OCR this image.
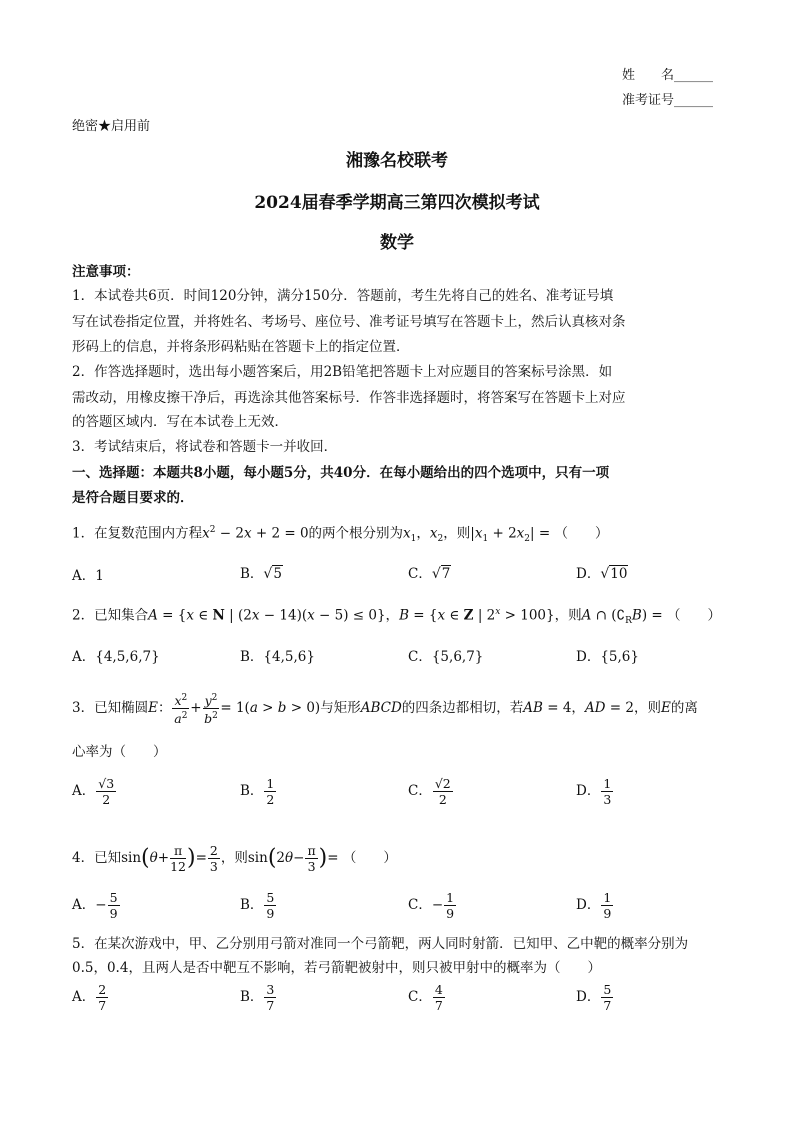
姓　　名______
准考证号______
绝密★启用前
湘豫名校联考
2024届春季学期高三第四次模拟考试
数学
注意事项：
1．本试卷共6页．时间120分钟，满分150分．答题前，考生先将自己的姓名、准考证号填
写在试卷指定位置，并将姓名、考场号、座位号、准考证号填写在答题卡上，然后认真核对条
形码上的信息，并将条形码粘贴在答题卡上的指定位置．
2．作答选择题时，选出每小题答案后，用2B铅笔把答题卡上对应题目的答案标号涂黑．如
需改动，用橡皮擦干净后，再选涂其他答案标号．作答非选择题时，将答案写在答题卡上对应
的答题区域内．写在本试卷上无效．
3．考试结束后，将试卷和答题卡一并收回．
一、选择题：本题共8小题，每小题5分，共40分．在每小题给出的四个选项中，只有一项
是符合题目要求的．
1．在复数范围内方程$x^2 - 2x + 2 = 0$的两个根分别为$x_1$，$x_2$，则$|x_1 + 2x_2|$ = （　　）
A．1	B．√5	C．√7	D．√10
2．已知集合A = {x ∈ N | (2x − 14)(x − 5) ≤ 0}，B = {x ∈ Z | $2^x > 100$}，则A ∩ $(∁_RB)$ = （　　）
A．{4,5,6,7}	B．{4,5,6}	C．{5,6,7}	D．{5,6}
3．已知椭圆E： $\frac{x^2}{a^2} + \frac{y^2}{b^2} = 1(a > b > 0)$与矩形ABCD的四条边都相切，若AB = 4，AD = 2，则E的离
心率为（　　）
A． $\frac{√3}{2}$	B． $\frac{1}{2}$	C． $\frac{√2}{2}$	D． $\frac{1}{3}$
4．已知$\sin(\theta+ \frac{\pi}{12}$ )= $\frac{2}{3}$ ，则$\sin(2\theta- \frac{\pi}{3}$ )= （　　）
A．− $\frac{5}{9}$	B． $\frac{5}{9}$	C．− $\frac{1}{9}$	D． $\frac{1}{9}$
5．在某次游戏中，甲、乙分别用弓箭对准同一个弓箭靶，两人同时射箭．已知甲、乙中靶的概率分别为
0.5，0.4，且两人是否中靶互不影响，若弓箭靶被射中，则只被甲射中的概率为（　　）
A． $\frac{2}{7}$	B． $\frac{3}{7}$	C． $\frac{4}{7}$	D． $\frac{5}{7}$
